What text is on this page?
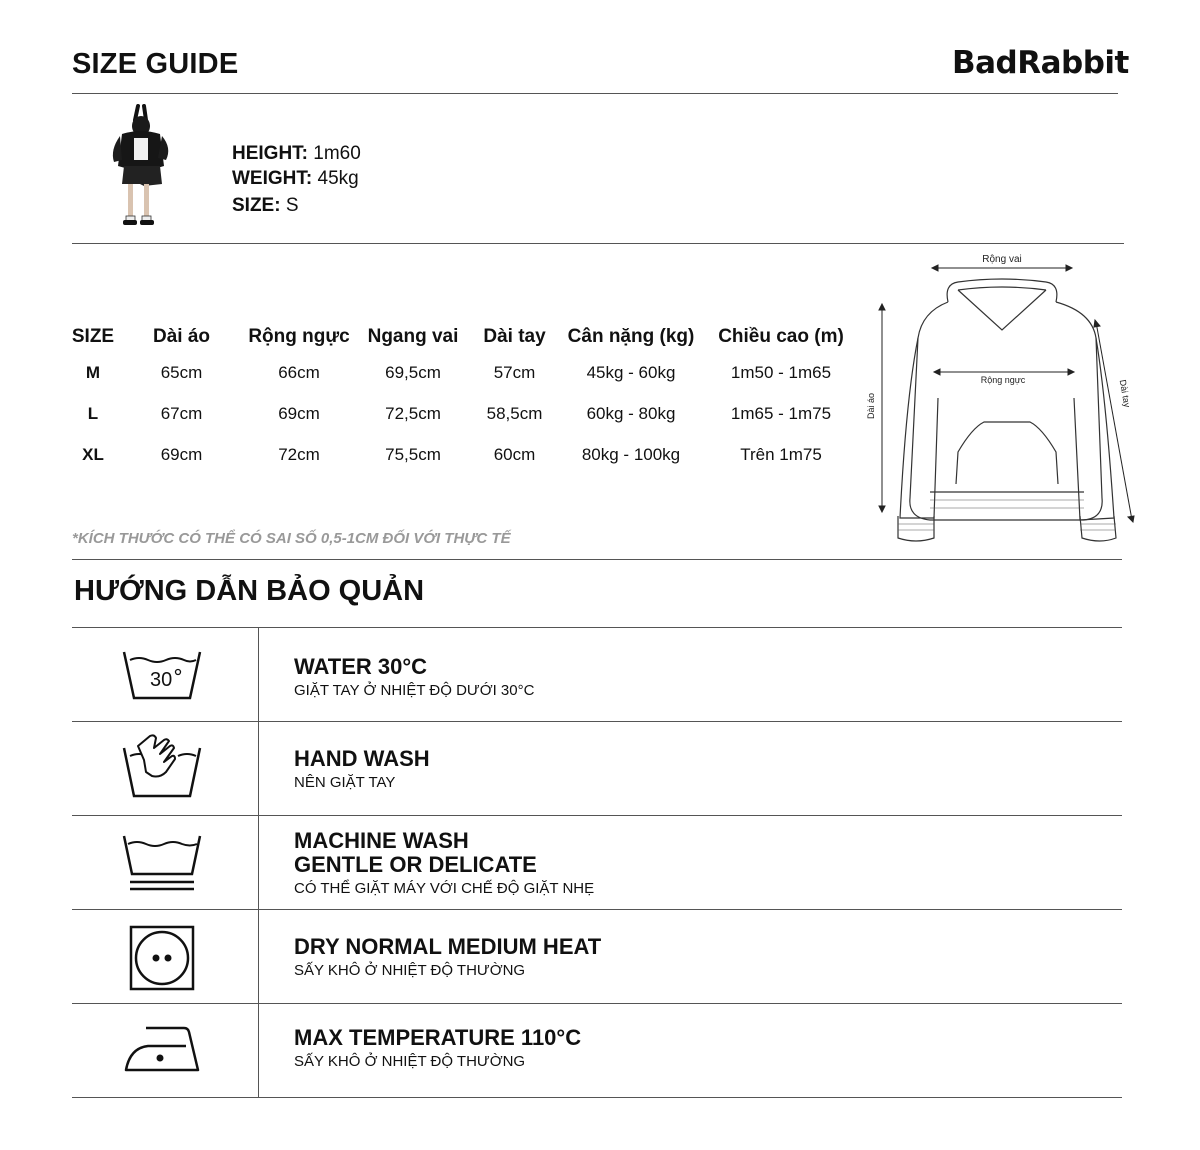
SIZE GUIDE	BadRabbit
HEIGHT: 1m60
WEIGHT: 45kg
SIZE: S
SIZE	Dài áo	Rộng ngực	Ngang vai	Dài tay	Cân nặng (kg)	Chiều cao (m)
M	65cm	66cm	69,5cm	57cm	45kg - 60kg	1m50 - 1m65
L	67cm	69cm	72,5cm	58,5cm	60kg - 80kg	1m65 - 1m75
XL	69cm	72cm	75,5cm	60cm	80kg - 100kg	Trên 1m75
Rộng vai
Rộng ngực
Dài áo	Dài tay
*KÍCH THƯỚC CÓ THỂ CÓ SAI SỐ 0,5-1CM ĐỐI VỚI THỰC TẾ
HƯỚNG DẪN BẢO QUẢN
30
WATER 30°C
GIẶT TAY Ở NHIỆT ĐỘ DƯỚI 30°C
HAND WASH
NÊN GIẶT TAY
MACHINE WASH
GENTLE OR DELICATE
CÓ THỂ GIẶT MÁY VỚI CHẾ ĐỘ GIẶT NHẸ
DRY NORMAL MEDIUM HEAT
SẤY KHÔ Ở NHIỆT ĐỘ THƯỜNG
MAX TEMPERATURE 110°C
SẤY KHÔ Ở NHIỆT ĐỘ THƯỜNG
